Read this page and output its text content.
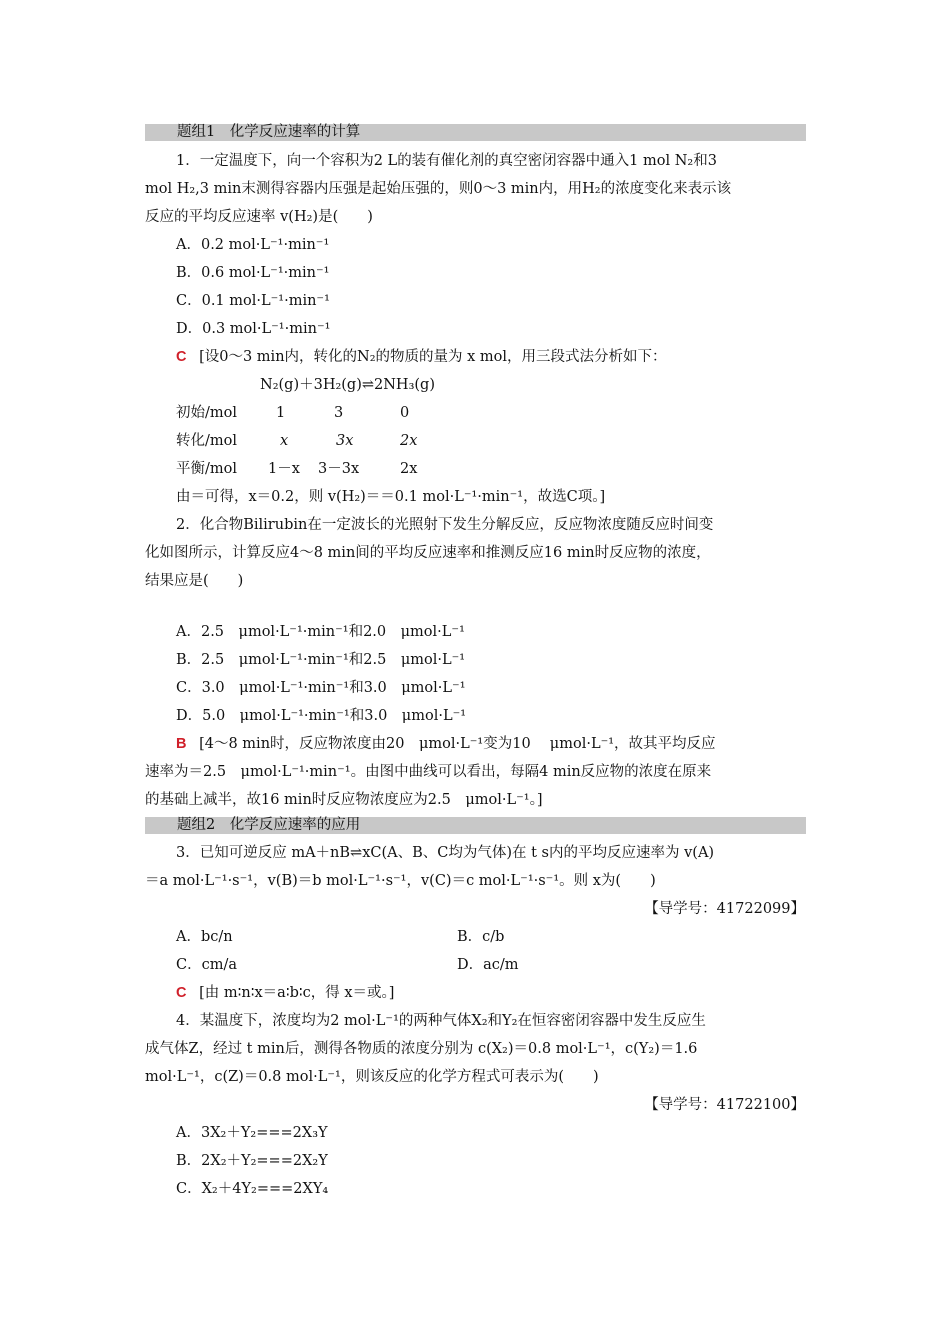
题组1　化学反应速率的计算
1．一定温度下，向一个容积为2 L的装有催化剂的真空密闭容器中通入1 mol N₂和3
mol H₂,3 min末测得容器内压强是起始压强的，则0～3 min内，用H₂的浓度变化来表示该
反应的平均反应速率 v(H₂)是(　　)
A．0.2 mol·L⁻¹·min⁻¹
B．0.6 mol·L⁻¹·min⁻¹
C．0.1 mol·L⁻¹·min⁻¹
D．0.3 mol·L⁻¹·min⁻¹
C [设0～3 min内，转化的N₂的物质的量为 x mol，用三段式法分析如下：
N₂(g)＋3H₂(g)⇌2NH₃(g)
初始/mol	1	3	0
转化/mol	x	3x	2x
平衡/mol 1－x 3－3x	2x
由＝可得，x＝0.2，则 v(H₂)＝＝0.1 mol·L⁻¹·min⁻¹，故选C项。]
2．化合物Bilirubin在一定波长的光照射下发生分解反应，反应物浓度随反应时间变
化如图所示，计算反应4～8 min间的平均反应速率和推测反应16 min时反应物的浓度，
结果应是(　　)
A．2.5　μmol·L⁻¹·min⁻¹和2.0　μmol·L⁻¹
B．2.5　μmol·L⁻¹·min⁻¹和2.5　μmol·L⁻¹
C．3.0　μmol·L⁻¹·min⁻¹和3.0　μmol·L⁻¹
D．5.0　μmol·L⁻¹·min⁻¹和3.0　μmol·L⁻¹
B [4～8 min时，反应物浓度由20　μmol·L⁻¹变为10　 μmol·L⁻¹，故其平均反应
速率为＝2.5　μmol·L⁻¹·min⁻¹。由图中曲线可以看出，每隔4 min反应物的浓度在原来
的基础上减半，故16 min时反应物浓度应为2.5　μmol·L⁻¹。]
题组2　化学反应速率的应用
3．已知可逆反应 mA＋nB⇌xC(A、B、C均为气体)在 t s内的平均反应速率为 v(A)
＝a mol·L⁻¹·s⁻¹，v(B)＝b mol·L⁻¹·s⁻¹，v(C)＝c mol·L⁻¹·s⁻¹。则 x为(　　)
【导学号：41722099】
A．bc/n	B．c/b
C．cm/a	D．ac/m
C [由 m∶n∶x＝a∶b∶c，得 x＝或。]
4．某温度下，浓度均为2 mol·L⁻¹的两种气体X₂和Y₂在恒容密闭容器中发生反应生
成气体Z，经过 t min后，测得各物质的浓度分别为 c(X₂)＝0.8 mol·L⁻¹，c(Y₂)＝1.6
mol·L⁻¹，c(Z)＝0.8 mol·L⁻¹，则该反应的化学方程式可表示为(　　)
【导学号：41722100】
A．3X₂＋Y₂===2X₃Y
B．2X₂＋Y₂===2X₂Y
C．X₂＋4Y₂===2XY₄
